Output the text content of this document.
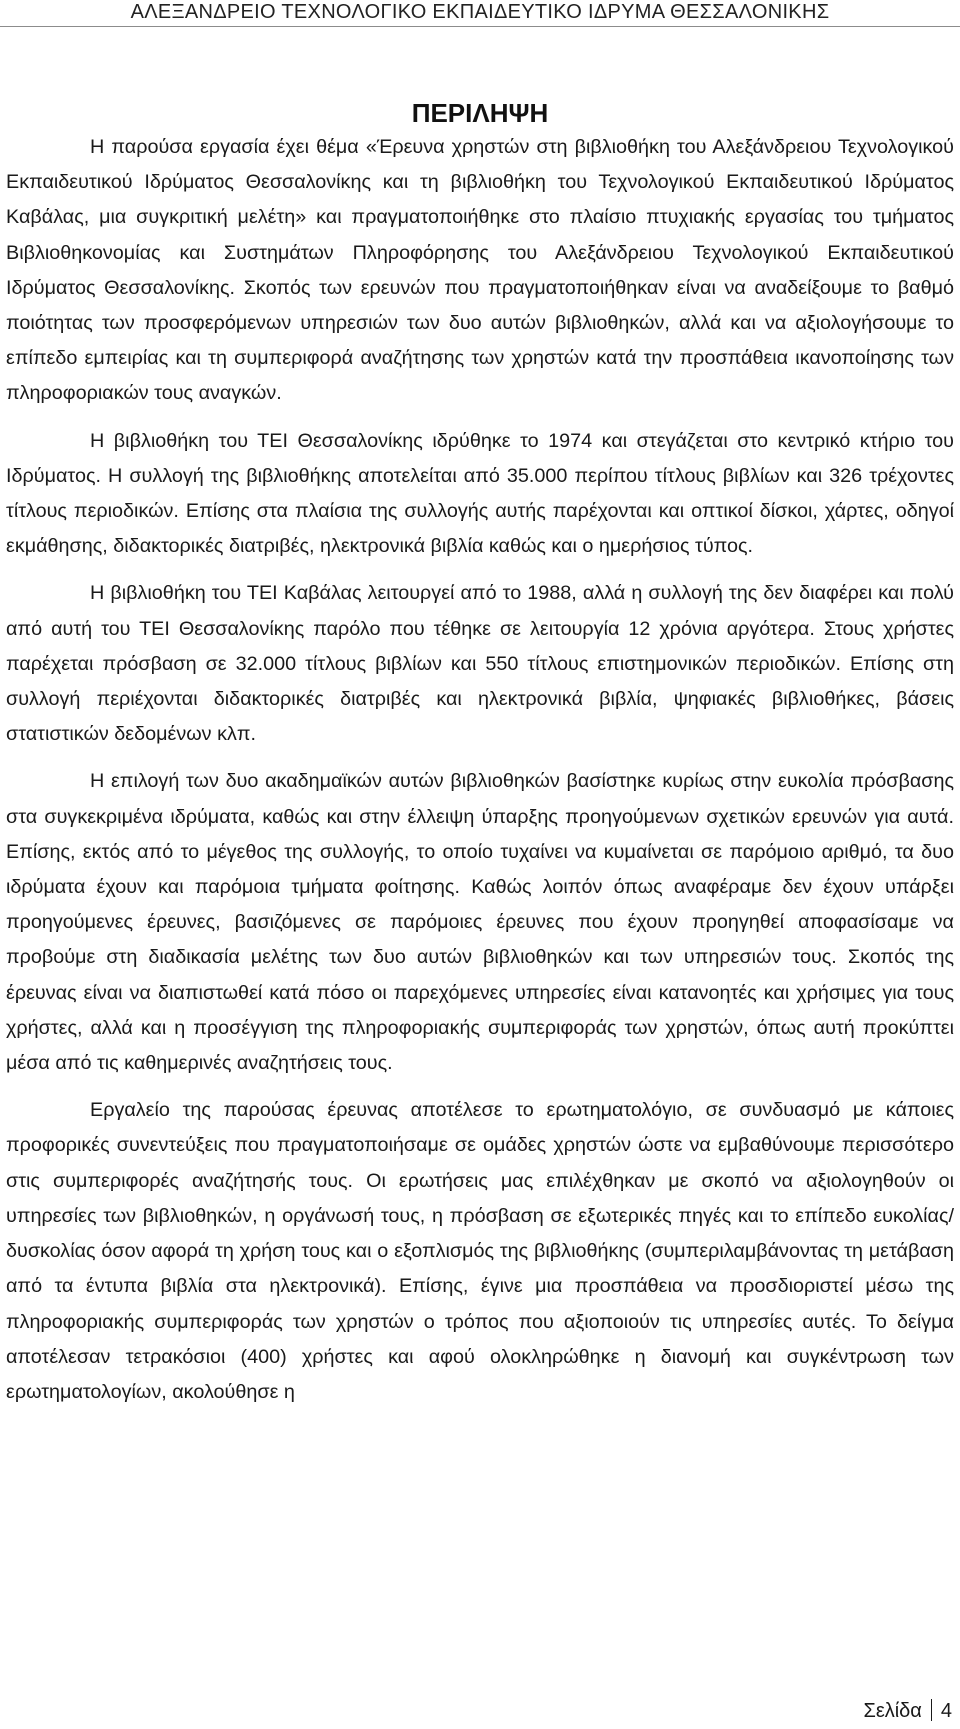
ΑΛΕΞΑΝΔΡΕΙΟ ΤΕΧΝΟΛΟΓΙΚΟ ΕΚΠΑΙΔΕΥΤΙΚΟ ΙΔΡΥΜΑ ΘΕΣΣΑΛΟΝΙΚΗΣ
ΠΕΡΙΛΗΨΗ

Η παρούσα εργασία έχει θέμα «Έρευνα χρηστών στη βιβλιοθήκη του Αλεξάνδρειου Τεχνολογικού Εκπαιδευτικού Ιδρύματος Θεσσαλονίκης και τη βιβλιοθήκη του Τεχνολογικού Εκπαιδευτικού Ιδρύματος Καβάλας, μια συγκριτική μελέτη» και πραγματοποιήθηκε στο πλαίσιο πτυχιακής εργασίας του τμήματος Βιβλιοθηκονομίας και Συστημάτων Πληροφόρησης του Αλεξάνδρειου Τεχνολογικού Εκπαιδευτικού Ιδρύματος Θεσσαλονίκης. Σκοπός των ερευνών που πραγματοποιήθηκαν είναι να αναδείξουμε το βαθμό ποιότητας των προσφερόμενων υπηρεσιών των δυο αυτών βιβλιοθηκών, αλλά και να αξιολογήσουμε το επίπεδο εμπειρίας και τη συμπεριφορά αναζήτησης των χρηστών κατά την προσπάθεια ικανοποίησης των πληροφοριακών τους αναγκών.

Η βιβλιοθήκη του ΤΕΙ Θεσσαλονίκης ιδρύθηκε το 1974 και στεγάζεται στο κεντρικό κτήριο του Ιδρύματος. Η συλλογή της βιβλιοθήκης αποτελείται από 35.000 περίπου τίτλους βιβλίων και 326 τρέχοντες τίτλους περιοδικών. Επίσης στα πλαίσια της συλλογής αυτής παρέχονται και οπτικοί δίσκοι, χάρτες, οδηγοί εκμάθησης, διδακτορικές διατριβές, ηλεκτρονικά βιβλία καθώς και ο ημερήσιος τύπος.

Η βιβλιοθήκη του ΤΕΙ Καβάλας λειτουργεί από το 1988, αλλά η συλλογή της δεν διαφέρει και πολύ από αυτή του ΤΕΙ Θεσσαλονίκης παρόλο που τέθηκε σε λειτουργία 12 χρόνια αργότερα. Στους χρήστες παρέχεται πρόσβαση σε 32.000 τίτλους βιβλίων και 550 τίτλους επιστημονικών περιοδικών. Επίσης στη συλλογή περιέχονται διδακτορικές διατριβές και ηλεκτρονικά βιβλία, ψηφιακές βιβλιοθήκες, βάσεις στατιστικών δεδομένων κλπ.

Η επιλογή των δυο ακαδημαϊκών αυτών βιβλιοθηκών βασίστηκε κυρίως στην ευκολία πρόσβασης στα συγκεκριμένα ιδρύματα, καθώς και στην έλλειψη ύπαρξης προηγούμενων σχετικών ερευνών για αυτά. Επίσης, εκτός από το μέγεθος της συλλογής, το οποίο τυχαίνει να κυμαίνεται σε παρόμοιο αριθμό, τα δυο ιδρύματα έχουν και παρόμοια τμήματα φοίτησης. Καθώς λοιπόν όπως αναφέραμε δεν έχουν υπάρξει προηγούμενες έρευνες, βασιζόμενες σε παρόμοιες έρευνες που έχουν προηγηθεί αποφασίσαμε να προβούμε στη διαδικασία μελέτης των δυο αυτών βιβλιοθηκών και των υπηρεσιών τους. Σκοπός της έρευνας είναι να διαπιστωθεί κατά πόσο οι παρεχόμενες υπηρεσίες είναι κατανοητές και χρήσιμες για τους χρήστες, αλλά και η προσέγγιση της πληροφοριακής συμπεριφοράς των χρηστών, όπως αυτή προκύπτει μέσα από τις καθημερινές αναζητήσεις τους.

Εργαλείο της παρούσας έρευνας αποτέλεσε το ερωτηματολόγιο, σε συνδυασμό με κάποιες προφορικές συνεντεύξεις που πραγματοποιήσαμε σε ομάδες χρηστών ώστε να εμβαθύνουμε περισσότερο στις συμπεριφορές αναζήτησής τους. Οι ερωτήσεις μας επιλέχθηκαν με σκοπό να αξιολογηθούν οι υπηρεσίες των βιβλιοθηκών, η οργάνωσή τους, η πρόσβαση σε εξωτερικές πηγές και το επίπεδο ευκολίας/δυσκολίας όσον αφορά τη χρήση τους και ο εξοπλισμός της βιβλιοθήκης (συμπεριλαμβάνοντας τη μετάβαση από τα έντυπα βιβλία στα ηλεκτρονικά). Επίσης, έγινε μια προσπάθεια να προσδιοριστεί μέσω της πληροφοριακής συμπεριφοράς των χρηστών ο τρόπος που αξιοποιούν τις υπηρεσίες αυτές. Το δείγμα αποτέλεσαν τετρακόσιοι (400) χρήστες και αφού ολοκληρώθηκε η διανομή και συγκέντρωση των ερωτηματολογίων, ακολούθησε η

Σελίδα 4
